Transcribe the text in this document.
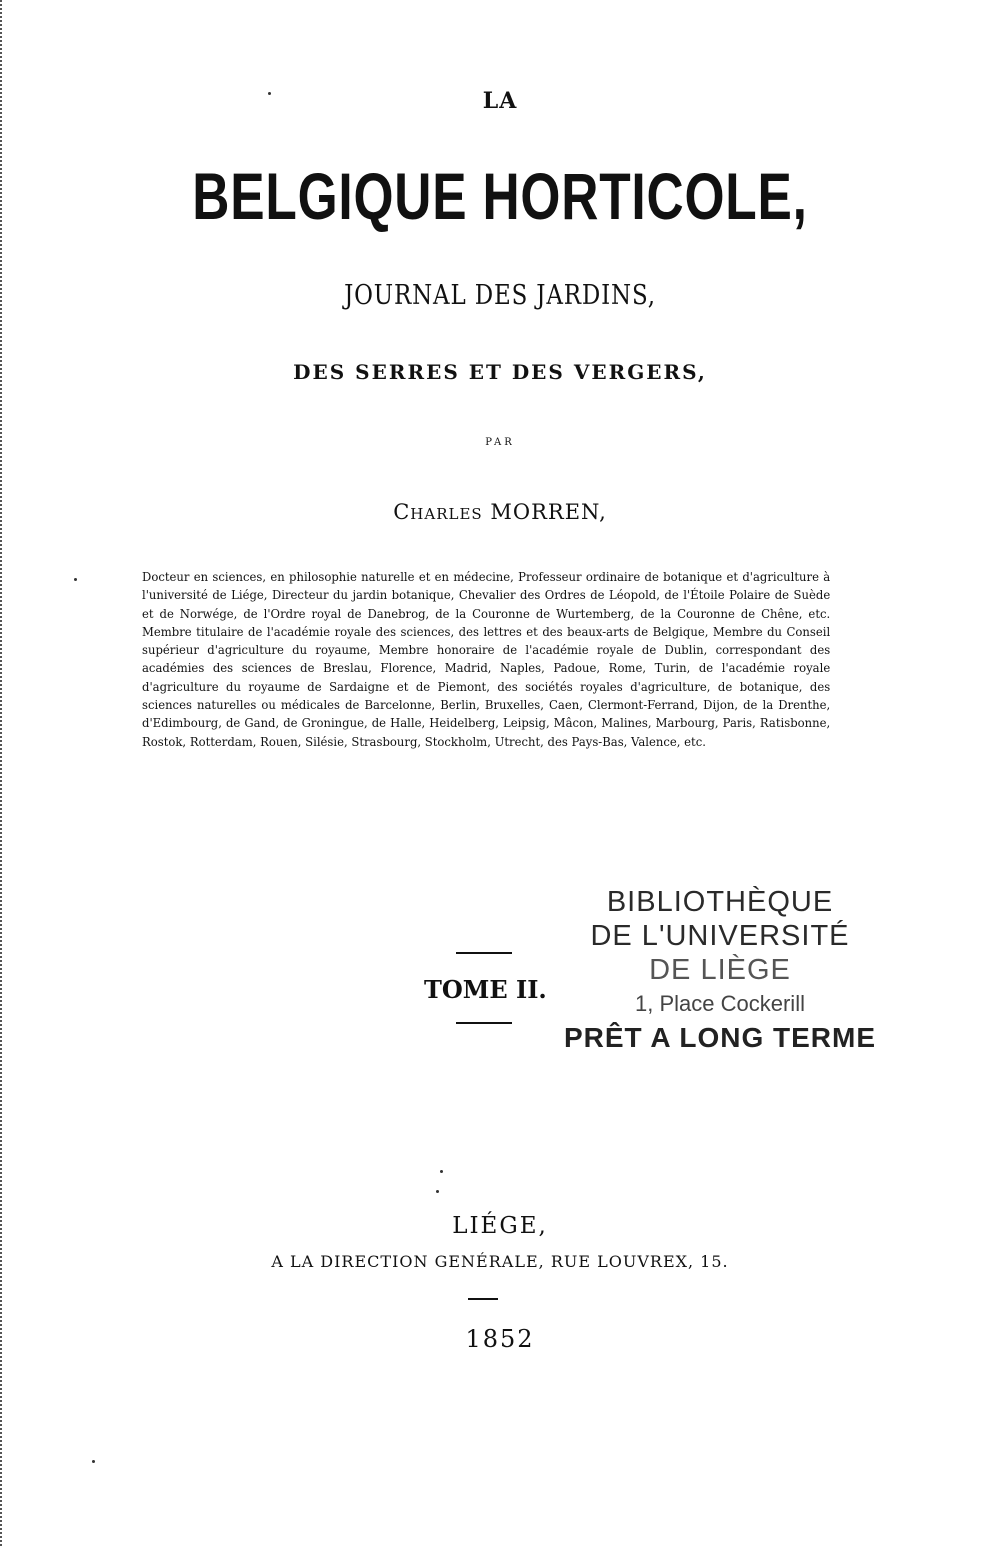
LA
BELGIQUE HORTICOLE,
JOURNAL DES JARDINS,
DES SERRES ET DES VERGERS,
PAR
Charles MORREN,
Docteur en sciences, en philosophie naturelle et en médecine, Professeur ordinaire de botanique et d'agriculture à l'université de Liége, Directeur du jardin botanique, Chevalier des Ordres de Léopold, de l'Étoile Polaire de Suède et de Norwége, de l'Ordre royal de Danebrog, de la Couronne de Wurtemberg, de la Couronne de Chêne, etc. Membre titulaire de l'académie royale des sciences, des lettres et des beaux-arts de Belgique, Membre du Conseil supérieur d'agriculture du royaume, Membre honoraire de l'académie royale de Dublin, correspondant des académies des sciences de Breslau, Florence, Madrid, Naples, Padoue, Rome, Turin, de l'académie royale d'agriculture du royaume de Sardaigne et de Piemont, des sociétés royales d'agriculture, de botanique, des sciences naturelles ou médicales de Barcelonne, Berlin, Bruxelles, Caen, Clermont-Ferrand, Dijon, de la Drenthe, d'Edimbourg, de Gand, de Groningue, de Halle, Heidelberg, Leipsig, Mâcon, Malines, Marbourg, Paris, Ratisbonne, Rostok, Rotterdam, Rouen, Silésie, Strasbourg, Stockholm, Utrecht, des Pays-Bas, Valence, etc.
TOME II.
BIBLIOTHÈQUE
DE L'UNIVERSITÉ
DE LIÈGE
1, Place Cockerill
PRÊT A LONG TERME
LIÉGE,
A LA DIRECTION GENÉRALE, RUE LOUVREX, 15.
1852
